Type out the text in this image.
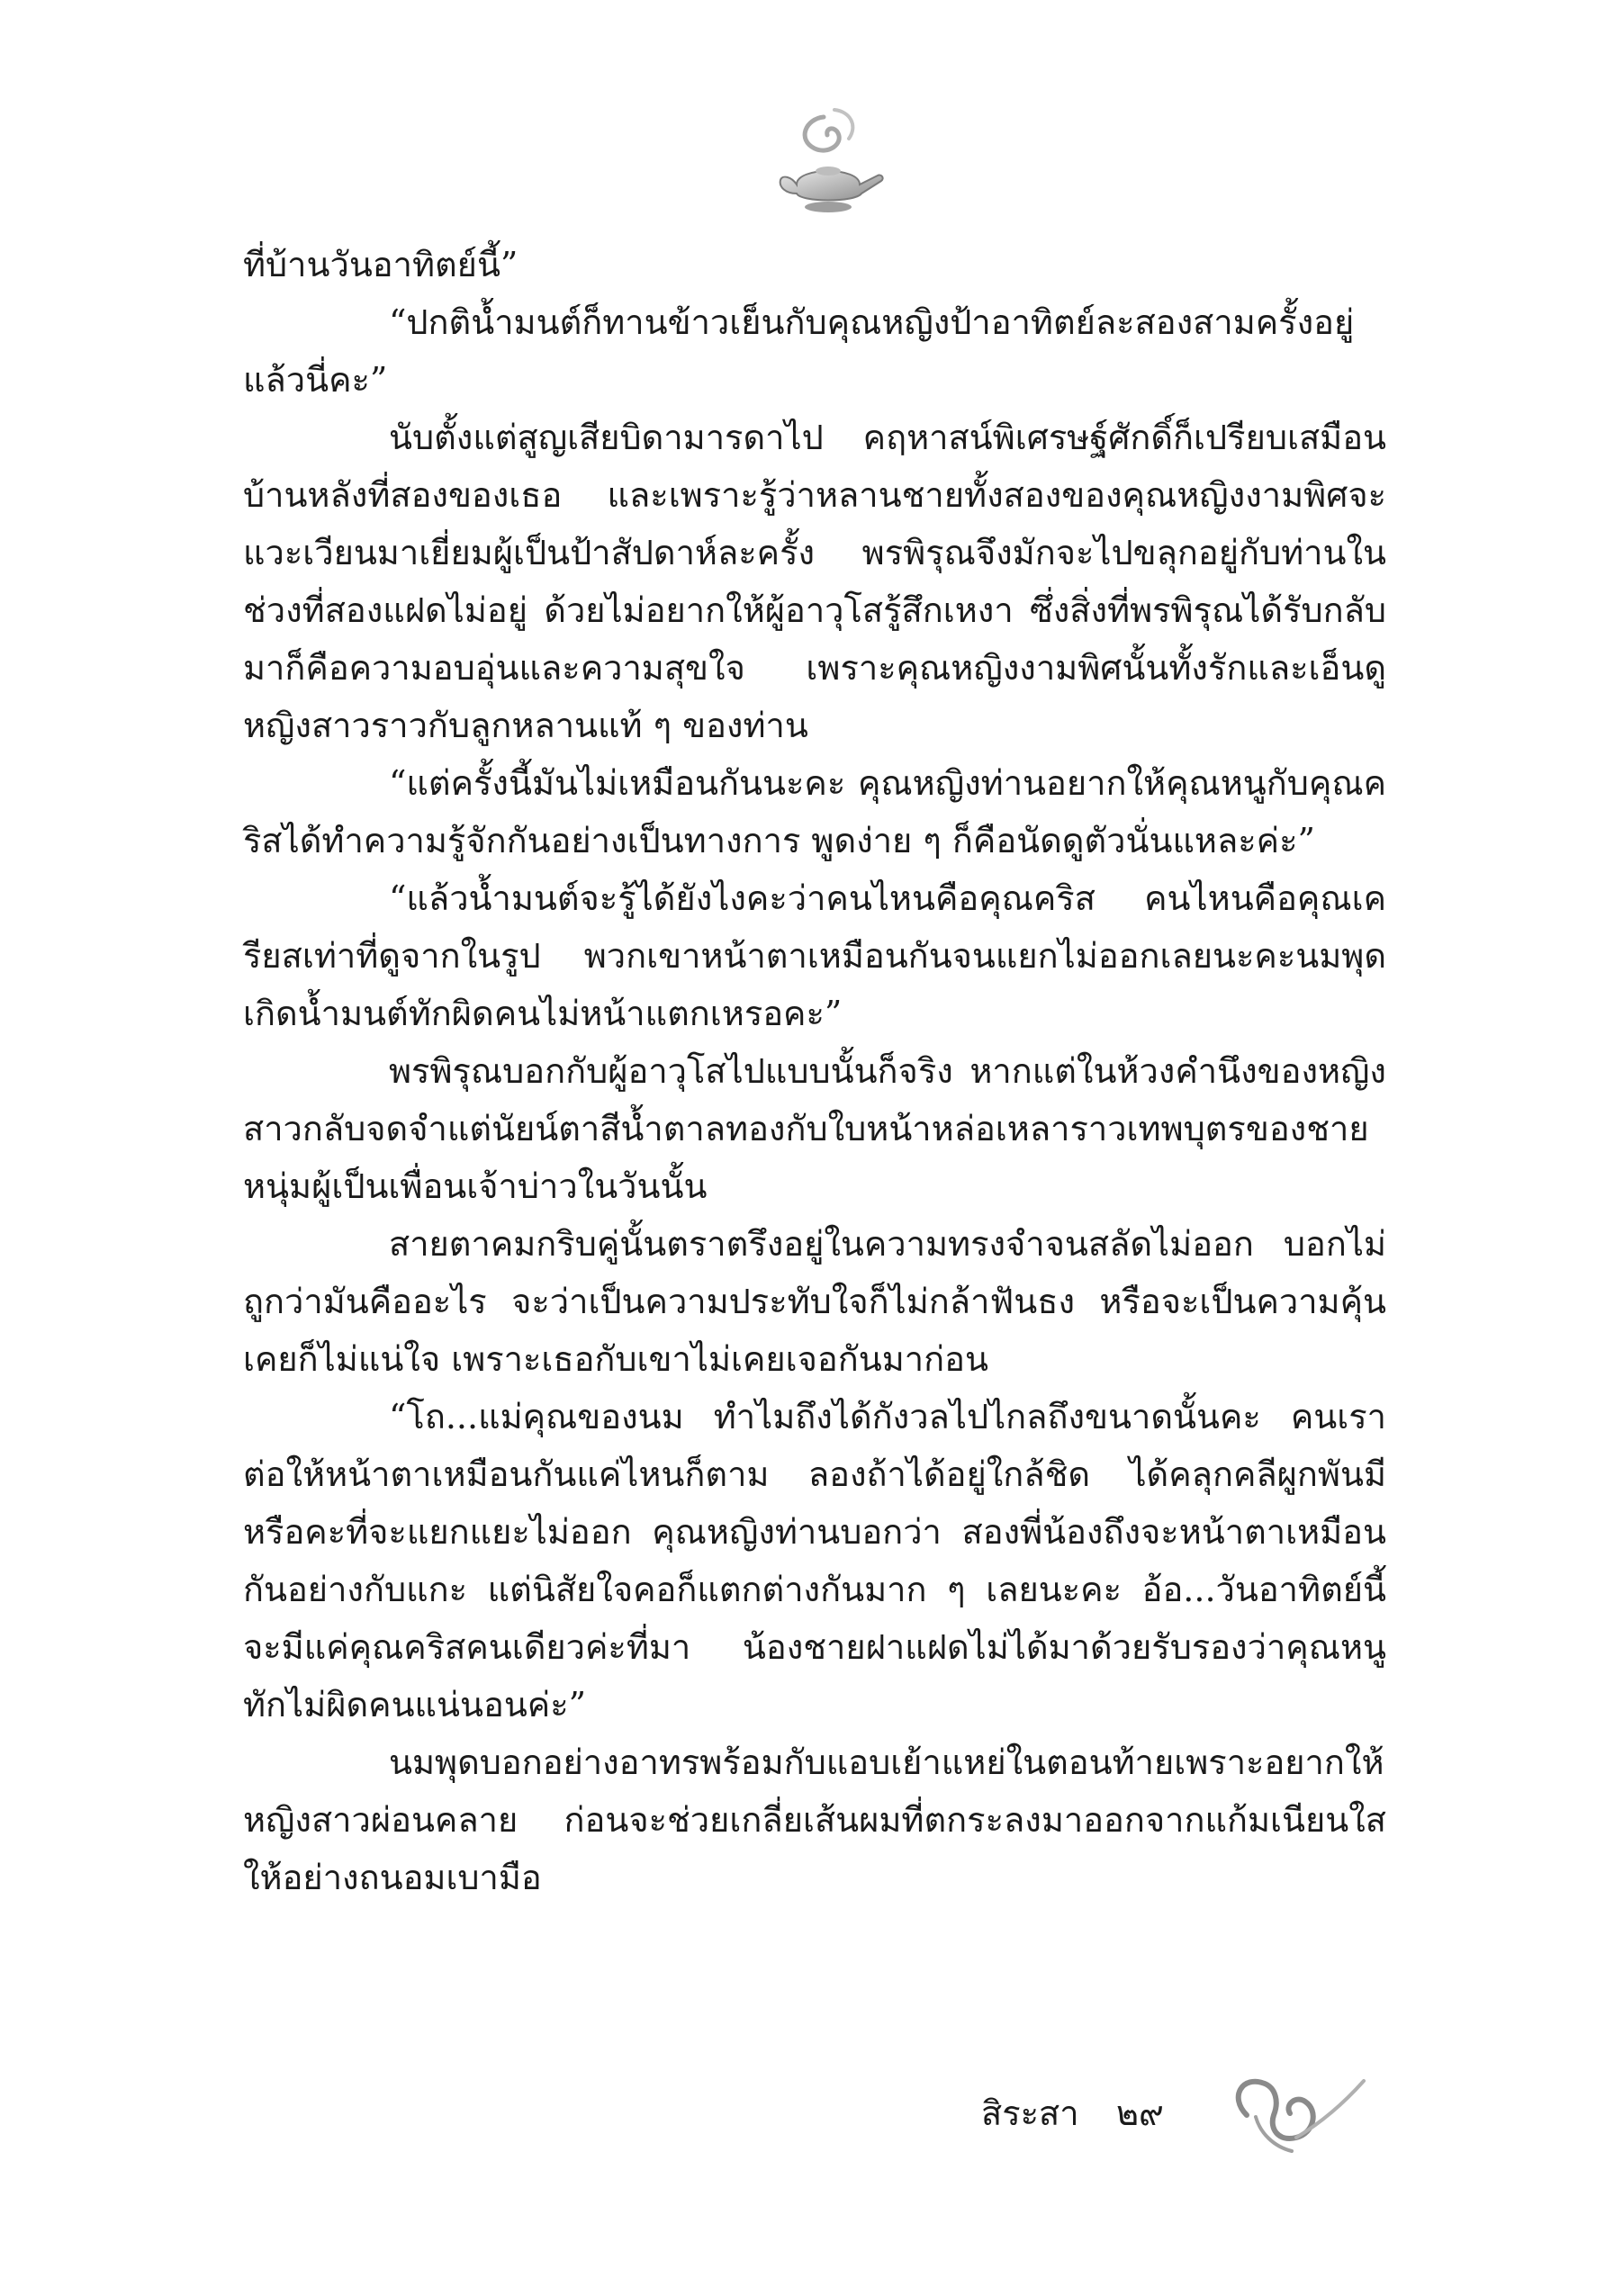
ที่บ้านวันอาทิตย์นี้”

“ปกติน้ำมนต์ก็ทานข้าวเย็นกับคุณหญิงป้าอาทิตย์ละสองสามครั้งอยู่แล้วนี่คะ”

นับตั้งแต่สูญเสียบิดามารดาไป คฤหาสน์พิเศรษฐ์ศักดิ์ก็เปรียบเสมือนบ้านหลังที่สองของเธอ และเพราะรู้ว่าหลานชายทั้งสองของคุณหญิงงามพิศจะแวะเวียนมาเยี่ยมผู้เป็นป้าสัปดาห์ละครั้ง พรพิรุณจึงมักจะไปขลุกอยู่กับท่านในช่วงที่สองแฝดไม่อยู่ ด้วยไม่อยากให้ผู้อาวุโสรู้สึกเหงา ซึ่งสิ่งที่พรพิรุณได้รับกลับมาก็คือความอบอุ่นและความสุขใจ เพราะคุณหญิงงามพิศนั้นทั้งรักและเอ็นดูหญิงสาวราวกับลูกหลานแท้ ๆ ของท่าน

“แต่ครั้งนี้มันไม่เหมือนกันนะคะ คุณหญิงท่านอยากให้คุณหนูกับคุณคริสได้ทำความรู้จักกันอย่างเป็นทางการ พูดง่าย ๆ ก็คือนัดดูตัวนั่นแหละค่ะ”

“แล้วน้ำมนต์จะรู้ได้ยังไงคะว่าคนไหนคือคุณคริส คนไหนคือคุณเครียสเท่าที่ดูจากในรูป พวกเขาหน้าตาเหมือนกันจนแยกไม่ออกเลยนะคะนมพุดเกิดน้ำมนต์ทักผิดคนไม่หน้าแตกเหรอคะ”

พรพิรุณบอกกับผู้อาวุโสไปแบบนั้นก็จริง หากแต่ในห้วงคำนึงของหญิงสาวกลับจดจำแต่นัยน์ตาสีน้ำตาลทองกับใบหน้าหล่อเหลาราวเทพบุตรของชายหนุ่มผู้เป็นเพื่อนเจ้าบ่าวในวันนั้น

สายตาคมกริบคู่นั้นตราตรึงอยู่ในความทรงจำจนสลัดไม่ออก บอกไม่ถูกว่ามันคืออะไร จะว่าเป็นความประทับใจก็ไม่กล้าฟันธง หรือจะเป็นความคุ้นเคยก็ไม่แน่ใจ เพราะเธอกับเขาไม่เคยเจอกันมาก่อน

“โถ...แม่คุณของนม ทำไมถึงได้กังวลไปไกลถึงขนาดนั้นคะ คนเราต่อให้หน้าตาเหมือนกันแค่ไหนก็ตาม ลองถ้าได้อยู่ใกล้ชิด ได้คลุกคลีผูกพันมีหรือคะที่จะแยกแยะไม่ออก คุณหญิงท่านบอกว่า สองพี่น้องถึงจะหน้าตาเหมือนกันอย่างกับแกะ แต่นิสัยใจคอก็แตกต่างกันมาก ๆ เลยนะคะ อ้อ...วันอาทิตย์นี้จะมีแค่คุณคริสคนเดียวค่ะที่มา น้องชายฝาแฝดไม่ได้มาด้วยรับรองว่าคุณหนูทักไม่ผิดคนแน่นอนค่ะ”

นมพุดบอกอย่างอาทรพร้อมกับแอบเย้าแหย่ในตอนท้ายเพราะอยากให้หญิงสาวผ่อนคลาย ก่อนจะช่วยเกลี่ยเส้นผมที่ตกระลงมาออกจากแก้มเนียนใสให้อย่างถนอมเบามือ

สิระสา ๒๙
